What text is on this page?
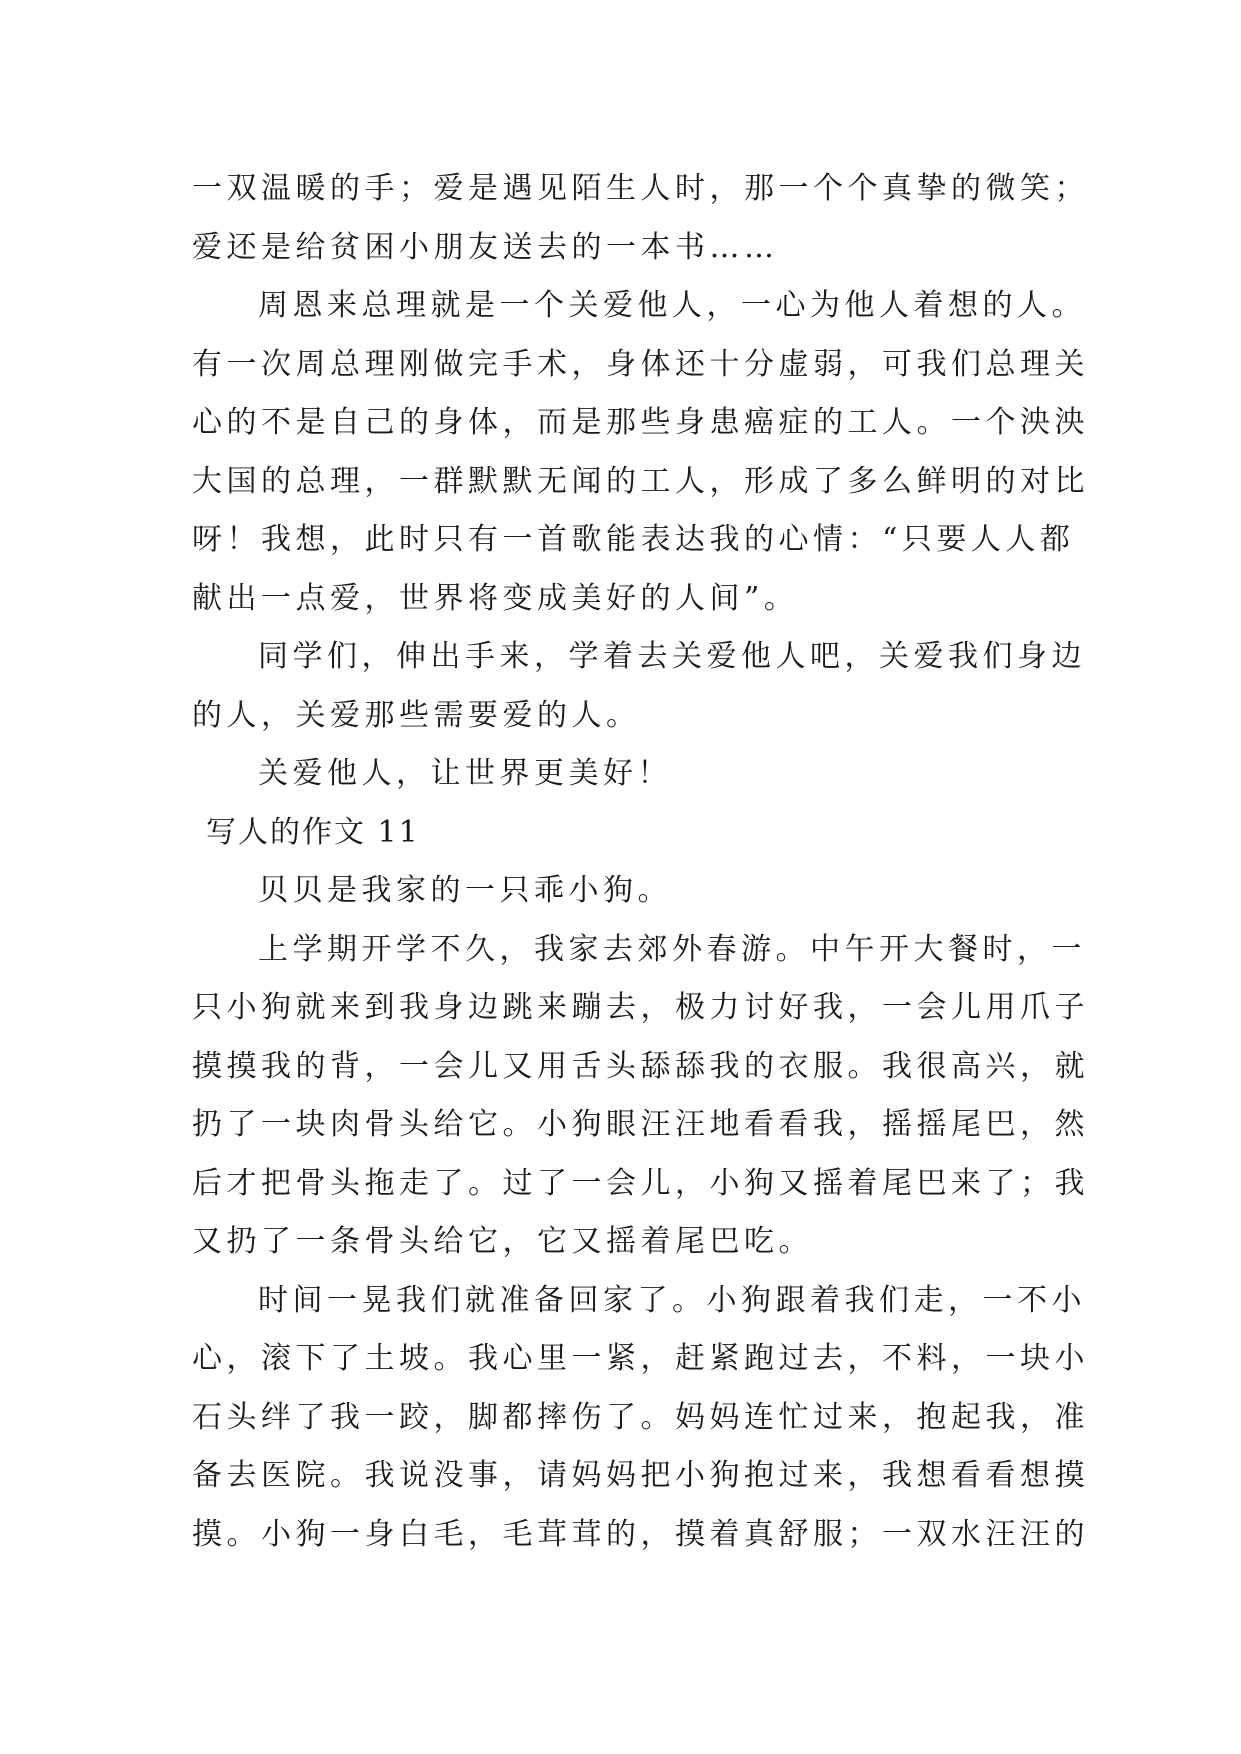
一双温暖的手；爱是遇见陌生人时，那一个个真挚的微笑；
爱还是给贫困小朋友送去的一本书……
周恩来总理就是一个关爱他人，一心为他人着想的人。
有一次周总理刚做完手术，身体还十分虚弱，可我们总理关
心的不是自己的身体，而是那些身患癌症的工人。一个泱泱
大国的总理，一群默默无闻的工人，形成了多么鲜明的对比
呀！我想，此时只有一首歌能表达我的心情：“只要人人都
献出一点爱，世界将变成美好的人间”。
同学们，伸出手来，学着去关爱他人吧，关爱我们身边
的人，关爱那些需要爱的人。
关爱他人，让世界更美好！
写人的作文 11
贝贝是我家的一只乖小狗。
上学期开学不久，我家去郊外春游。中午开大餐时，一
只小狗就来到我身边跳来蹦去，极力讨好我，一会儿用爪子
摸摸我的背，一会儿又用舌头舔舔我的衣服。我很高兴，就
扔了一块肉骨头给它。小狗眼汪汪地看看我，摇摇尾巴，然
后才把骨头拖走了。过了一会儿，小狗又摇着尾巴来了；我
又扔了一条骨头给它，它又摇着尾巴吃。
时间一晃我们就准备回家了。小狗跟着我们走，一不小
心，滚下了土坡。我心里一紧，赶紧跑过去，不料，一块小
石头绊了我一跤，脚都摔伤了。妈妈连忙过来，抱起我，准
备去医院。我说没事，请妈妈把小狗抱过来，我想看看想摸
摸。小狗一身白毛，毛茸茸的，摸着真舒服；一双水汪汪的
